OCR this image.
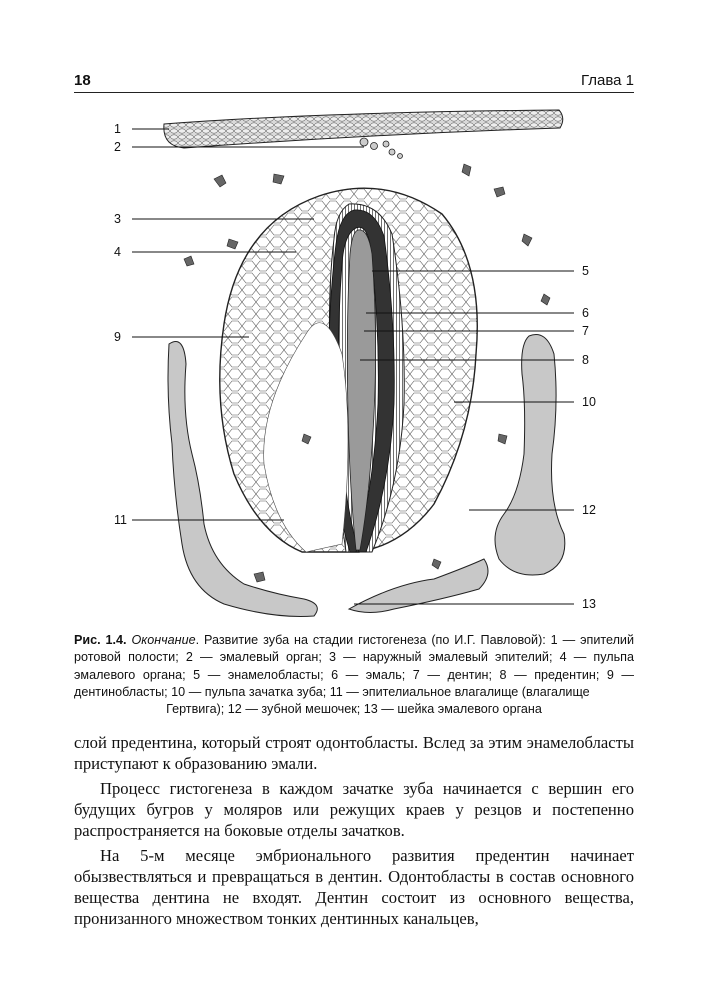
18	Глава 1
1
2
3
4
5
6
7
8
9
10
11
12
13
Рис. 1.4. Окончание. Развитие зуба на стадии гистогенеза (по И.Г. Павловой): 1 — эпителий ротовой полости; 2 — эмалевый орган; 3 — наружный эмалевый эпителий; 4 — пульпа эмалевого органа; 5 — энамелобласты; 6 — эмаль; 7 — дентин; 8 — предентин; 9 — дентинобласты; 10 — пульпа зачатка зуба; 11 — эпителиальное влагалище (влагалище
Гертвига); 12 — зубной мешочек; 13 — шейка эмалевого органа

слой предентина, который строят одонтобласты. Вслед за этим энамелобласты приступают к образованию эмали.

Процесс гистогенеза в каждом зачатке зуба начинается с вершин его будущих бугров у моляров или режущих краев у резцов и постепенно распространяется на боковые отделы зачатков.

На 5-м месяце эмбрионального развития предентин начинает обызвествляться и превращаться в дентин. Одонтобласты в состав основного вещества дентина не входят. Дентин состоит из основного вещества, пронизанного множеством тонких дентинных канальцев,
